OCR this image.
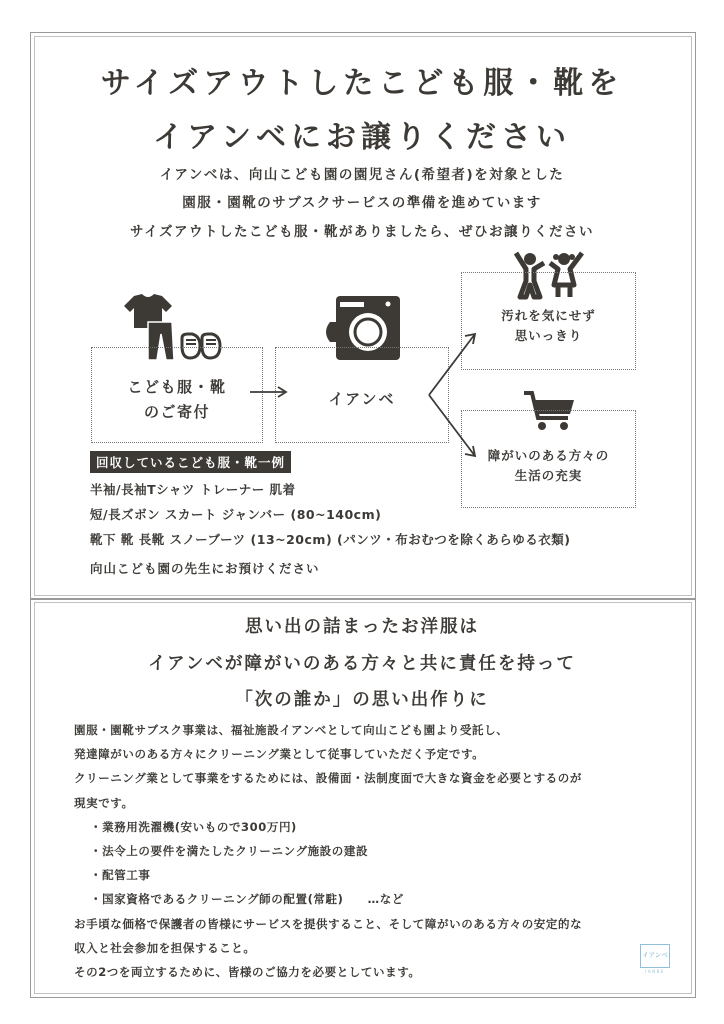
サイズアウトしたこども服・靴を
イアンベにお譲りください
イアンベは、向山こども園の園児さん(希望者)を対象とした
園服・園靴のサブスクサービスの準備を進めています
サイズアウトしたこども服・靴がありましたら、ぜひお譲りください
こども服・靴
のご寄付
イアンベ
汚れを気にせず
思いっきり
障がいのある方々の
生活の充実
回収しているこども服・靴一例
半袖/長袖Tシャツ トレーナー 肌着
短/長ズボン スカート ジャンバー (80~140cm)
靴下 靴 長靴 スノーブーツ (13~20cm) (パンツ・布おむつを除くあらゆる衣類)
向山こども園の先生にお預けください
思い出の詰まったお洋服は
イアンベが障がいのある方々と共に責任を持って
「次の誰か」の思い出作りに
園服・園靴サブスク事業は、福祉施設イアンベとして向山こども園より受託し、
発達障がいのある方々にクリーニング業として従事していただく予定です。
クリーニング業として事業をするためには、設備面・法制度面で大きな資金を必要とするのが
現実です。
・業務用洗濯機(安いもので300万円)
・法令上の要件を満たしたクリーニング施設の建設
・配管工事
・国家資格であるクリーニング師の配置(常駐)　　…など
お手頃な価格で保護者の皆様にサービスを提供すること、そして障がいのある方々の安定的な
収入と社会参加を担保すること。
その2つを両立するために、皆様のご協力を必要としています。
イアンベ
IANBE
